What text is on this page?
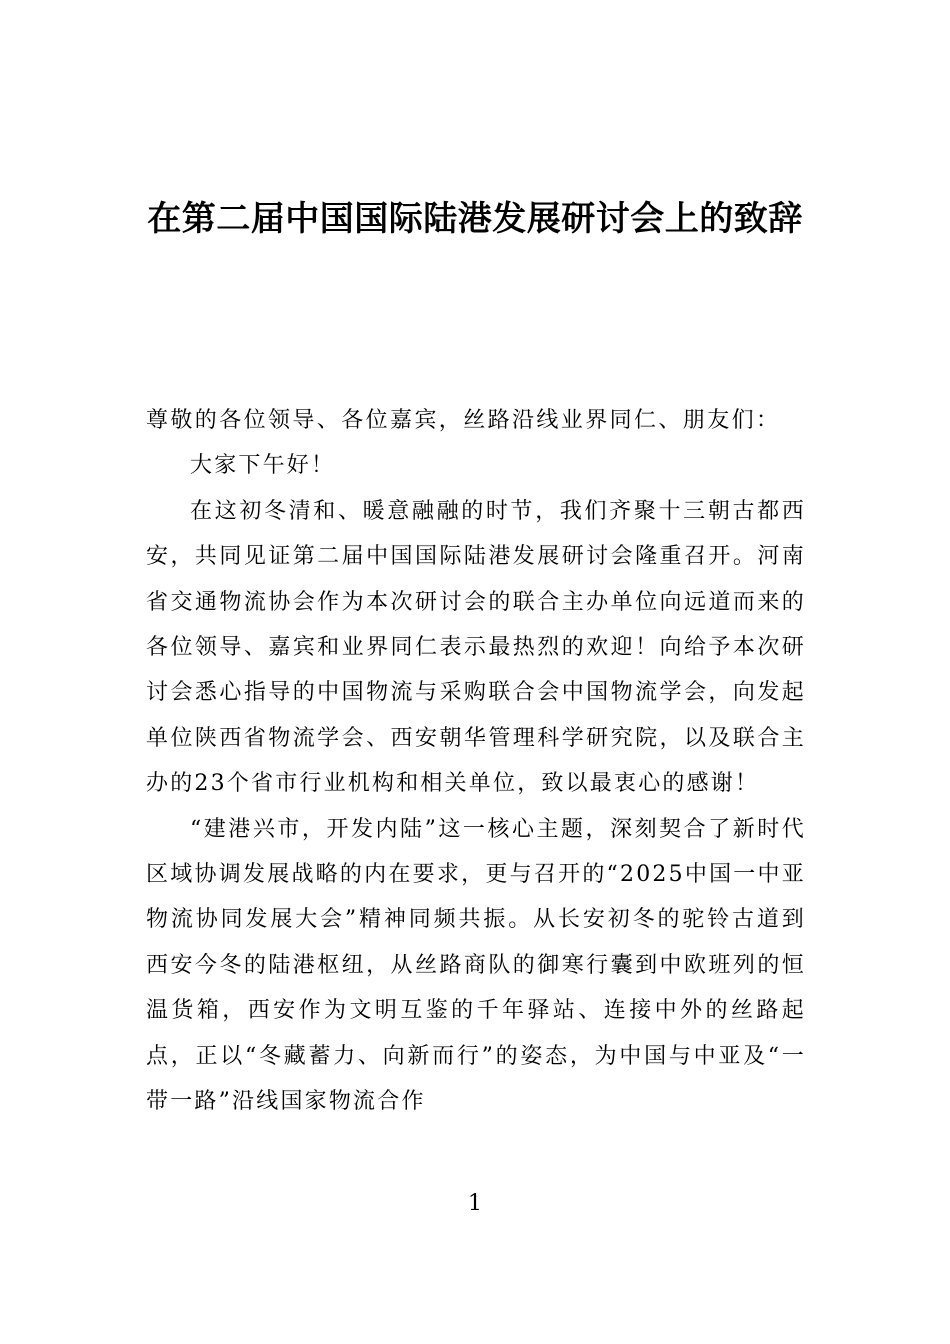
在第二届中国国际陆港发展研讨会上的致辞

尊敬的各位领导、各位嘉宾，丝路沿线业界同仁、朋友们：

大家下午好！

在这初冬清和、暖意融融的时节，我们齐聚十三朝古都西安，共同见证第二届中国国际陆港发展研讨会隆重召开。河南省交通物流协会作为本次研讨会的联合主办单位向远道而来的各位领导、嘉宾和业界同仁表示最热烈的欢迎！向给予本次研讨会悉心指导的中国物流与采购联合会中国物流学会，向发起单位陕西省物流学会、西安朝华管理科学研究院，以及联合主办的23个省市行业机构和相关单位，致以最衷心的感谢！

“建港兴市，开发内陆”这一核心主题，深刻契合了新时代区域协调发展战略的内在要求，更与召开的“2025中国一中亚物流协同发展大会”精神同频共振。从长安初冬的驼铃古道到西安今冬的陆港枢纽，从丝路商队的御寒行囊到中欧班列的恒温货箱，西安作为文明互鉴的千年驿站、连接中外的丝路起点，正以“冬藏蓄力、向新而行”的姿态，为中国与中亚及“一带一路”沿线国家物流合作

1
